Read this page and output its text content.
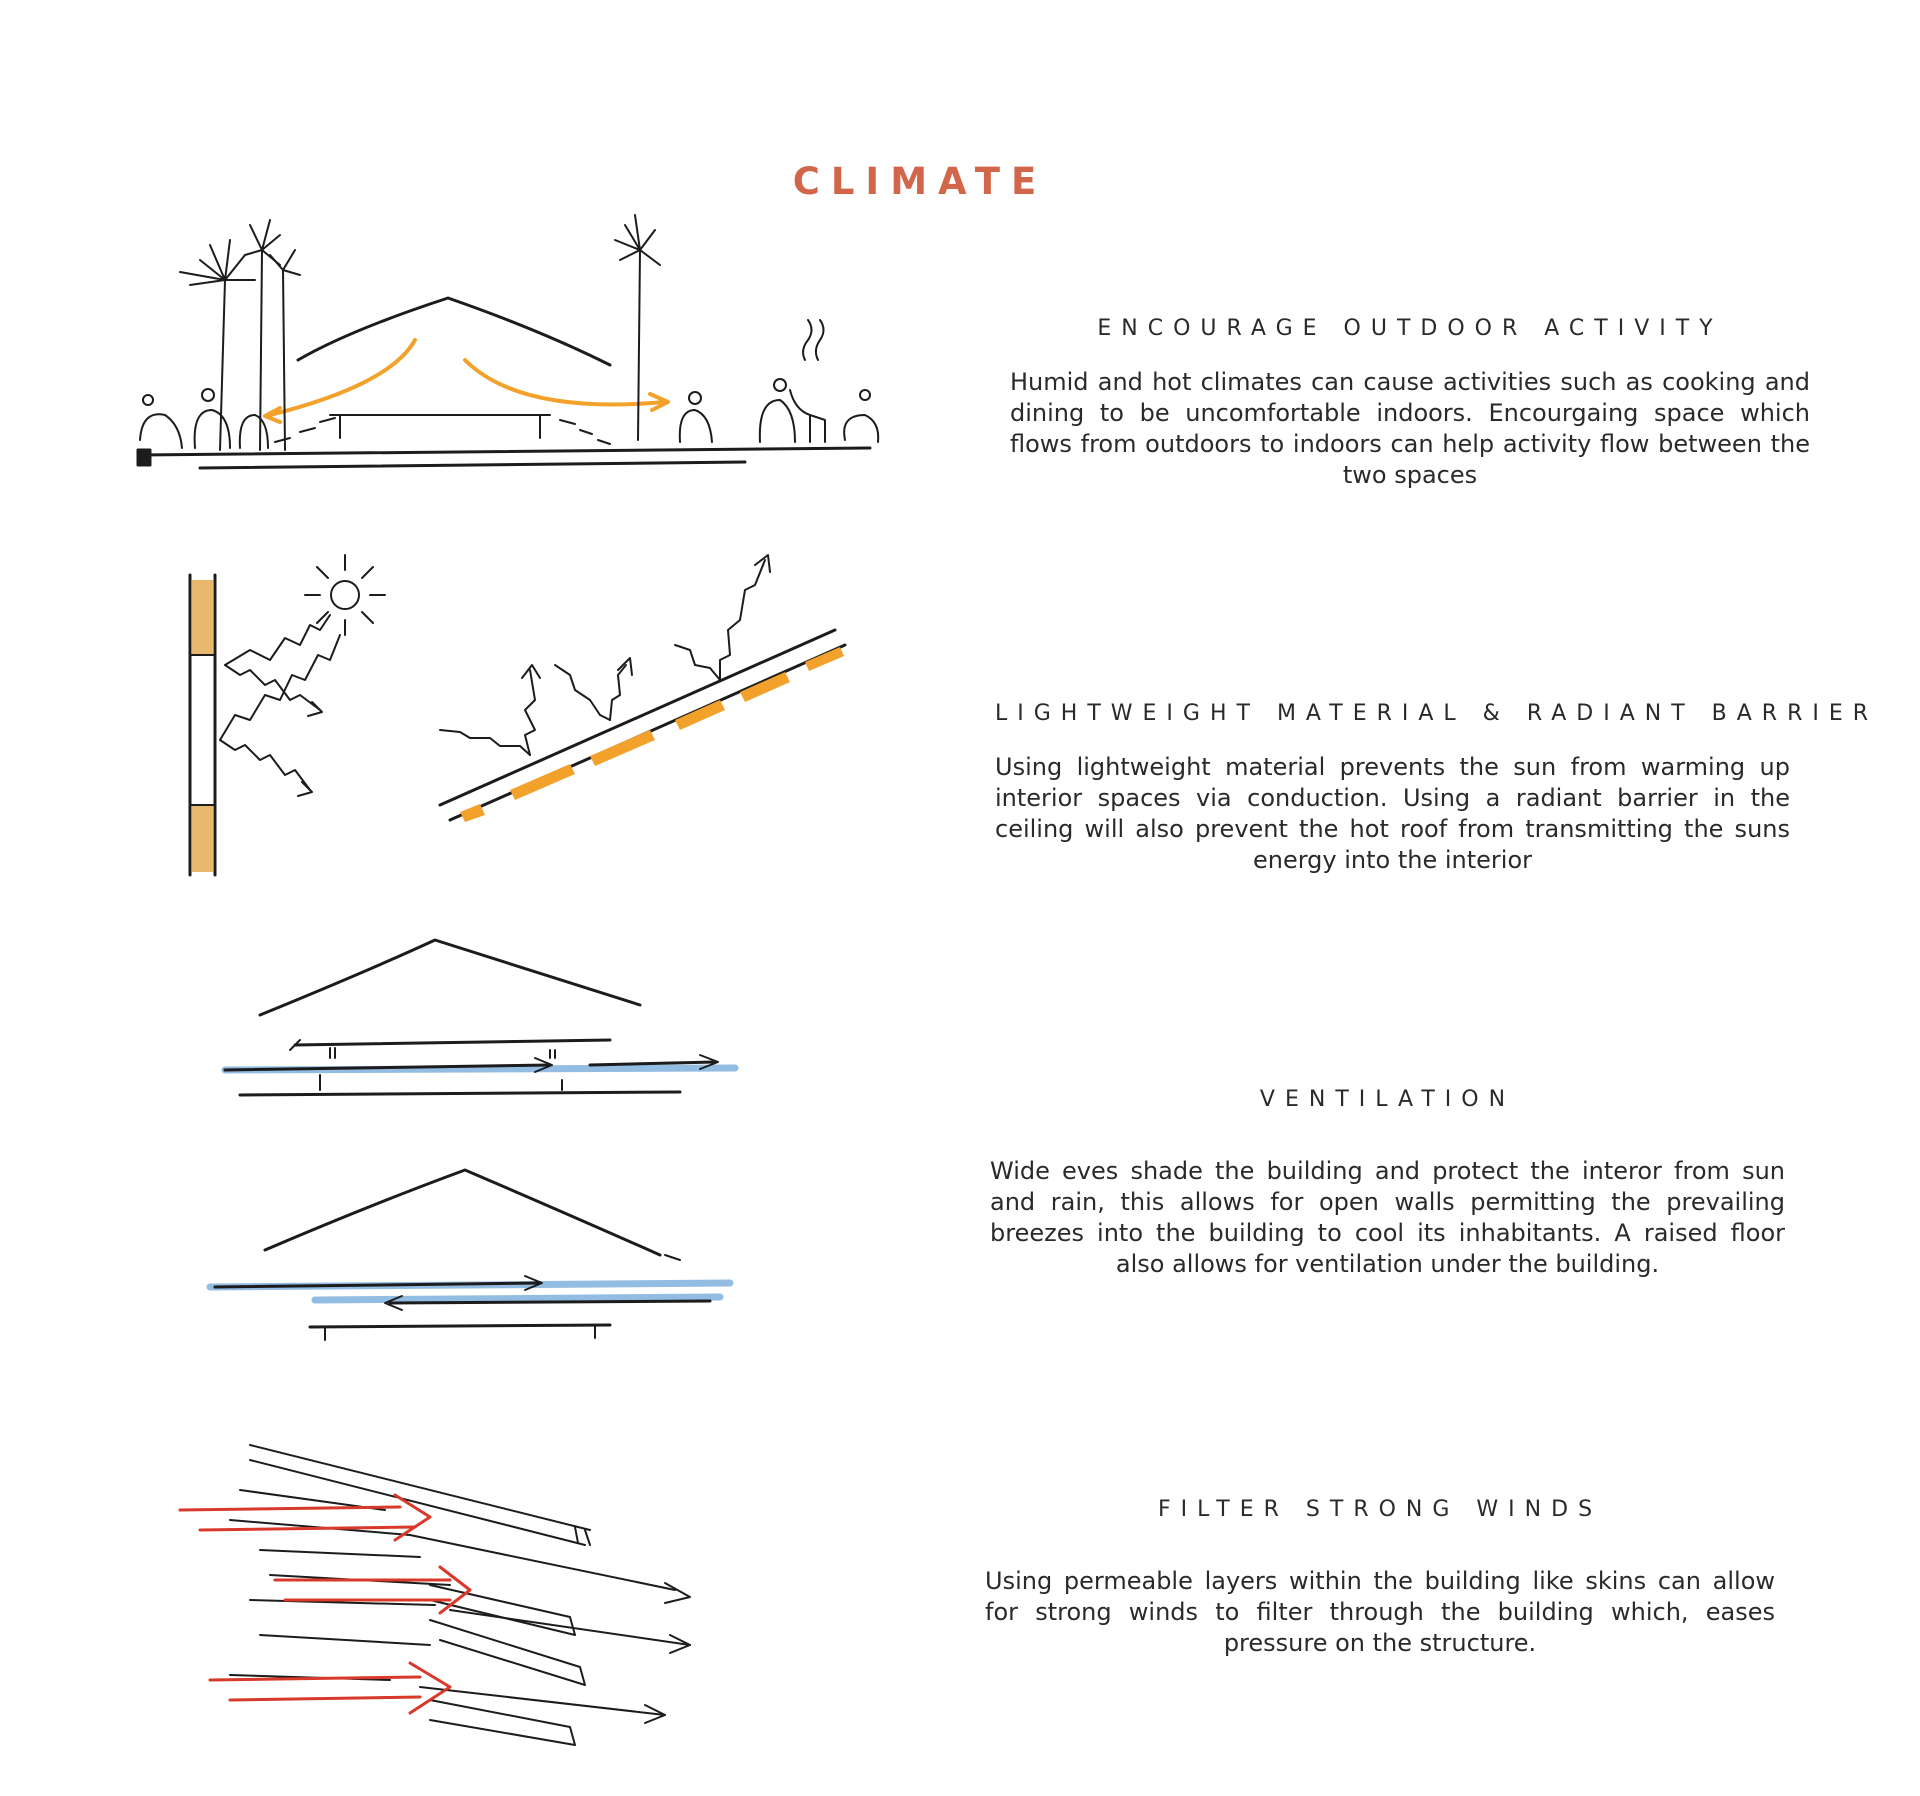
CLIMATE
ENCOURAGE OUTDOOR ACTIVITY

Humid and hot climates can cause activities such as cooking and dining to be uncomfortable indoors. Encourgaing space which flows from outdoors to indoors can help activity flow between the two spaces

LIGHTWEIGHT MATERIAL & RADIANT BARRIER

Using lightweight material prevents the sun from warming up interior spaces via conduction. Using a radiant barrier in the ceiling will also prevent the hot roof from transmitting the suns energy into the interior

VENTILATION

Wide eves shade the building and protect the interor from sun and rain, this allows for open walls permitting the prevailing breezes into the building to cool its inhabitants. A raised floor also allows for ventilation under the building.

FILTER STRONG WINDS

Using permeable layers within the building like skins can allow for strong winds to filter through the building which, eases pressure on the structure.
